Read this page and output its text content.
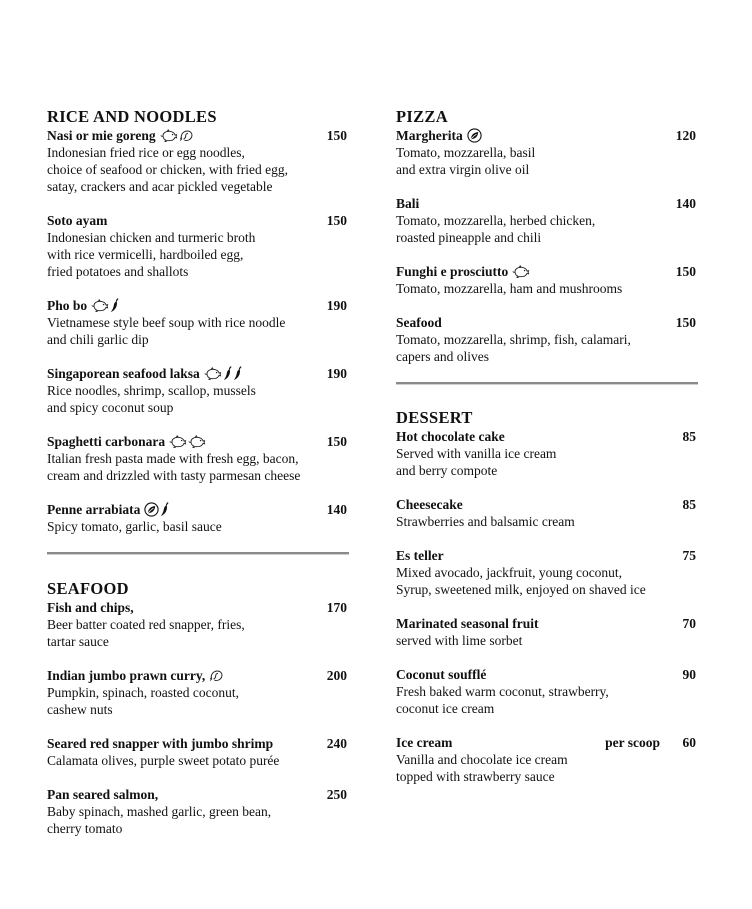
RICE AND NOODLES
Nasi or mie goreng	150
Indonesian fried rice or egg noodles,
choice of seafood or chicken, with fried egg,
satay, crackers and acar pickled vegetable
Soto ayam	150
Indonesian chicken and turmeric broth
with rice vermicelli, hardboiled egg,
fried potatoes and shallots
Pho bo	190
Vietnamese style beef soup with rice noodle
and chili garlic dip
Singaporean seafood laksa	190
Rice noodles, shrimp, scallop, mussels
and spicy coconut soup
Spaghetti carbonara	150
Italian fresh pasta made with fresh egg, bacon,
cream and drizzled with tasty parmesan cheese
Penne arrabiata	140
Spicy tomato, garlic, basil sauce
SEAFOOD
Fish and chips,	170
Beer batter coated red snapper, fries,
tartar sauce
Indian jumbo prawn curry,	200
Pumpkin, spinach, roasted coconut,
cashew nuts
Seared red snapper with jumbo shrimp	240
Calamata olives, purple sweet potato purée
Pan seared salmon,	250
Baby spinach, mashed garlic, green bean,
cherry tomato
PIZZA
Margherita	120
Tomato, mozzarella, basil
and extra virgin olive oil
Bali	140
Tomato, mozzarella, herbed chicken,
roasted pineapple and chili
Funghi e prosciutto	150
Tomato, mozzarella, ham and mushrooms
Seafood	150
Tomato, mozzarella, shrimp, fish, calamari,
capers and olives
DESSERT
Hot chocolate cake	85
Served with vanilla ice cream
and berry compote
Cheesecake	85
Strawberries and balsamic cream
Es teller	75
Mixed avocado, jackfruit, young coconut,
Syrup, sweetened milk, enjoyed on shaved ice
Marinated seasonal fruit	70
served with lime sorbet
Coconut soufflé	90
Fresh baked warm coconut, strawberry,
coconut ice cream
Ice cream	per scoop	60
Vanilla and chocolate ice cream
topped with strawberry sauce
